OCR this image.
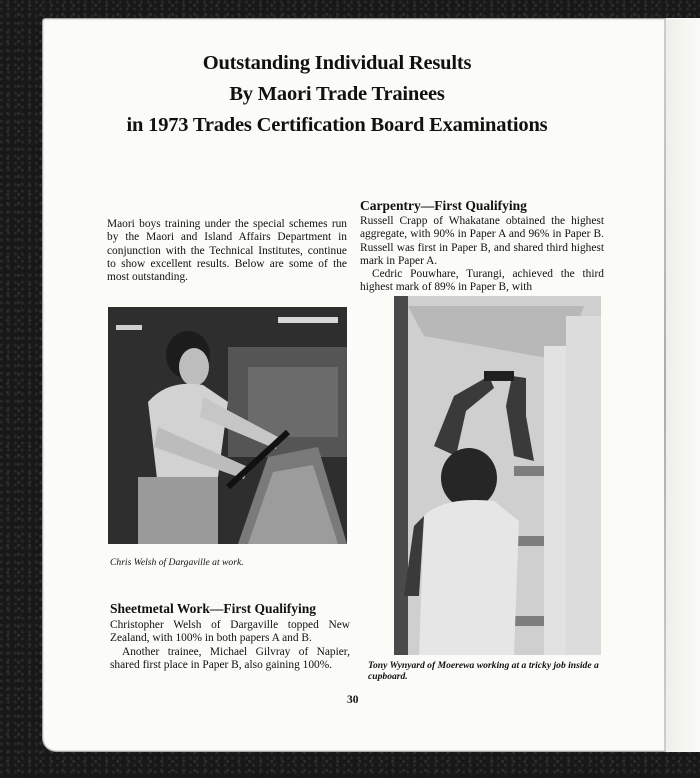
Outstanding Individual Results
By Maori Trade Trainees
in 1973 Trades Certification Board Examinations

Maori boys training under the special schemes run by the Maori and Island Affairs Department in conjunction with the Technical Institutes, continue to show excellent results. Below are some of the most outstanding.

Carpentry—First Qualifying

Russell Crapp of Whakatane obtained the highest aggregate, with 90% in Paper A and 96% in Paper B. Russell was first in Paper B, and shared third highest mark in Paper A.

Cedric Pouwhare, Turangi, achieved the third highest mark of 89% in Paper B, with

Chris Welsh of Dargaville at work.
Tony Wynyard of Moerewa working at a tricky job inside a cupboard.
Sheetmetal Work—First Qualifying

Christopher Welsh of Dargaville topped New Zealand, with 100% in both papers A and B.

Another trainee, Michael Gilvray of Napier, shared first place in Paper B, also gaining 100%.

30
